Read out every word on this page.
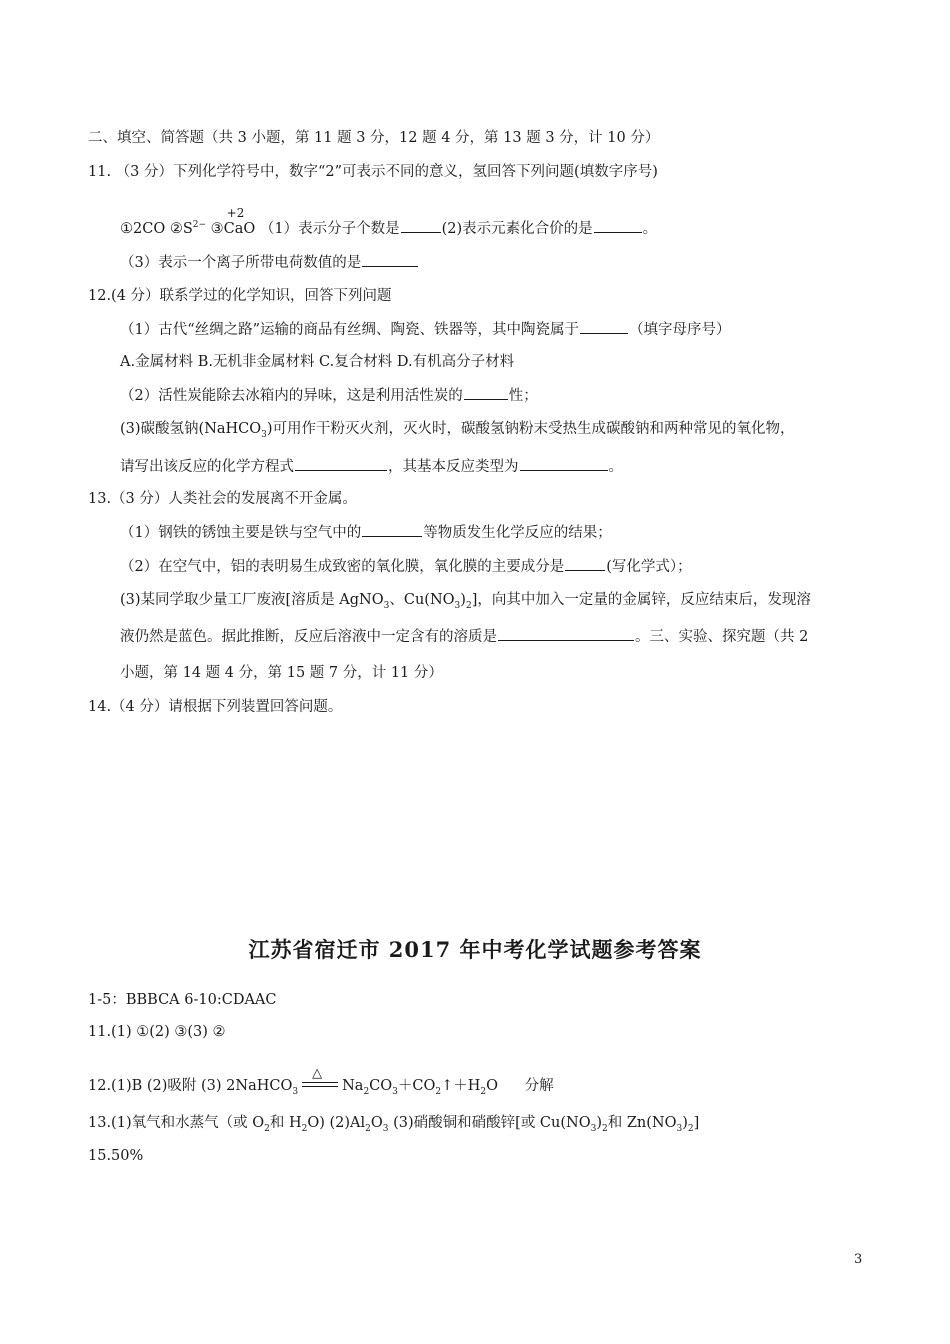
二、填空、简答题（共 3 小题，第 11 题 3 分，12 题 4 分，第 13 题 3 分，计 10 分）
11. （3 分）下列化学符号中，数字“2”可表示不同的意义，氢回答下列问题(填数字序号)
①2CO $②S^{2-}$ ③
+2
CaO （1）表示分子个数是	(2)表示元素化合价的是	。
（3）表示一个离子所带电荷数值的是
12.(4 分）联系学过的化学知识，回答下列问题
（1）古代“丝绸之路”运输的商品有丝绸、陶瓷、铁器等，其中陶瓷属于	（填字母序号）
A.金属材料 B.无机非金属材料 C.复合材料 D.有机高分子材料
（2）活性炭能除去冰箱内的异味，这是利用活性炭的	性；
(3)碳酸氢钠(NaHCO$_3$)可用作干粉灭火剂，灭火时，碳酸氢钠粉末受热生成碳酸钠和两种常见的氧化物，
请写出该反应的化学方程式	，其基本反应类型为	。
13.（3 分）人类社会的发展离不开金属。
（1）钢铁的锈蚀主要是铁与空气中的	等物质发生化学反应的结果；
（2）在空气中，铝的表明易生成致密的氧化膜，氧化膜的主要成分是	(写化学式）；
(3)某同学取少量工厂废液[溶质是 AgNO$_3$、$Cu(NO_3)_2$]，向其中加入一定量的金属锌，反应结束后，发现溶
液仍然是蓝色。据此推断，反应后溶液中一定含有的溶质是	。三、实验、探究题（共 2
小题，第 14 题 4 分，第 15 题 7 分，计 11 分）
14.（4 分）请根据下列装置回答问题。
江苏省宿迁市 2017 年中考化学试题参考答案
1-5：BBBCA 6-10:CDAAC
11.(1) ①(2) ③(3) ②
12.(1)B (2)吸附 (3) 2NaHCO$_3$
△
$Na_2CO_3+CO_2↑+H_2O$ 分解
13.(1)氧气和水蒸气（或 $O_2$和 $H_2O$) $(2)Al_2O_3$ (3)硝酸铜和硝酸锌[或 $Cu(NO_3)_2$和 $Zn(NO_3)_2$]
15.50%
3
